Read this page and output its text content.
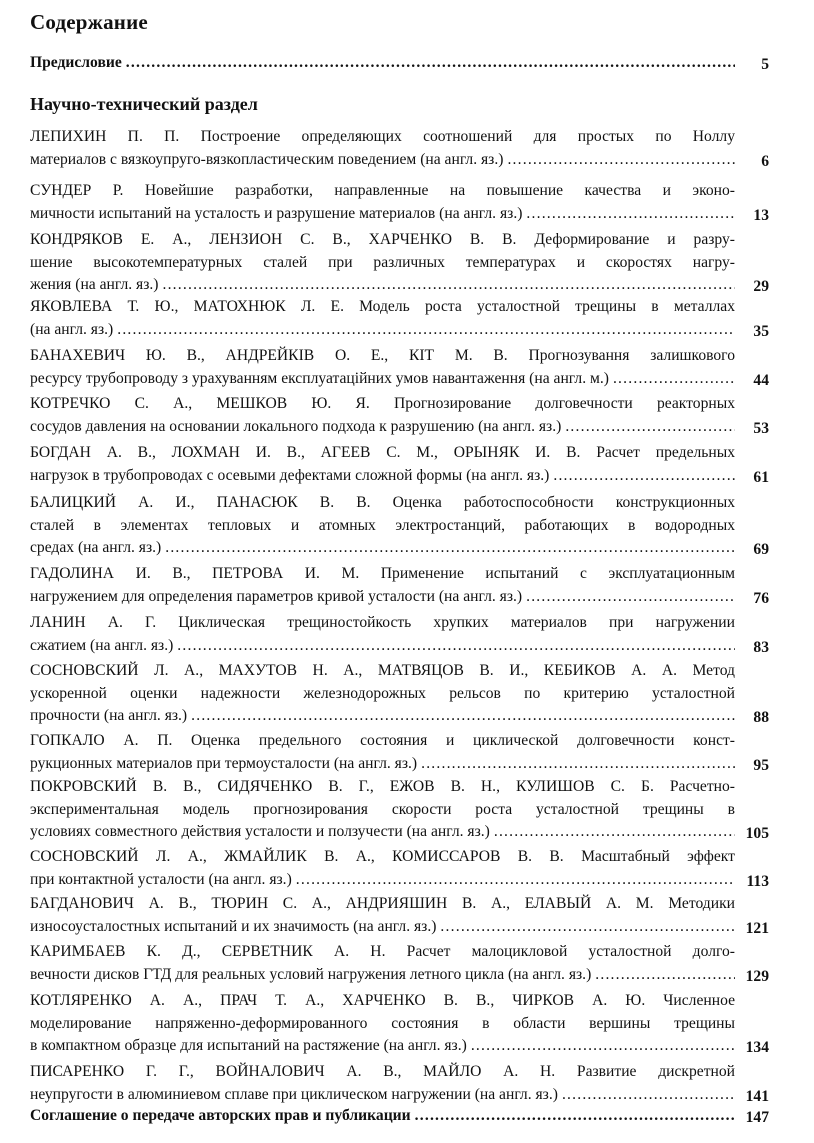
Содержание
Научно-технический раздел
Предисловие .....	5
ЛЕПИХИН П. П. Построение определяющих соотношений для простых по Ноллу
материалов с вязкоупруго-вязкопластическим поведением (на англ. яз.) .....	6
СУНДЕР Р. Новейшие разработки, направленные на повышение качества и эконо-
мичности испытаний на усталость и разрушение материалов (на англ. яз.) .....	13
КОНДРЯКОВ Е. А., ЛЕНЗИОН С. В., ХАРЧЕНКО В. В. Деформирование и разру-
шение высокотемпературных сталей при различных температурах и скоростях нагру-
жения (на англ. яз.) .....	29
ЯКОВЛЕВА Т. Ю., МАТОХНЮК Л. Е. Модель роста усталостной трещины в металлах
(на англ. яз.) .....	35
БАНАХЕВИЧ Ю. В., АНДРЕЙКІВ О. Е., КІТ М. В. Прогнозування залишкового
ресурсу трубопроводу з урахуванням експлуатаційних умов навантаження (на англ. м.) .....	44
КОТРЕЧКО С. А., МЕШКОВ Ю. Я. Прогнозирование долговечности реакторных
сосудов давления на основании локального подхода к разрушению (на англ. яз.) .....	53
БОГДАН А. В., ЛОХМАН И. В., АГЕЕВ С. М., ОРЫНЯК И. В. Расчет предельных
нагрузок в трубопроводах с осевыми дефектами сложной формы (на англ. яз.) .....	61
БАЛИЦКИЙ А. И., ПАНАСЮК В. В. Оценка работоспособности конструкционных
сталей в элементах тепловых и атомных электростанций, работающих в водородных
средах (на англ. яз.) .....	69
ГАДОЛИНА И. В., ПЕТРОВА И. М. Применение испытаний с эксплуатационным
нагружением для определения параметров кривой усталости (на англ. яз.) .....	76
ЛАНИН А. Г. Циклическая трещиностойкость хрупких материалов при нагружении
сжатием (на англ. яз.) .....	83
СОСНОВСКИЙ Л. А., МАХУТОВ Н. А., МАТВЯЦОВ В. И., КЕБИКОВ А. А. Метод
ускоренной оценки надежности железнодорожных рельсов по критерию усталостной
прочности (на англ. яз.) .....	88
ГОПКАЛО А. П. Оценка предельного состояния и циклической долговечности конст-
рукционных материалов при термоусталости (на англ. яз.) .....	95
ПОКРОВСКИЙ В. В., СИДЯЧЕНКО В. Г., ЕЖОВ В. Н., КУЛИШОВ С. Б. Расчетно-
экспериментальная модель прогнозирования скорости роста усталостной трещины в
условиях совместного действия усталости и ползучести (на англ. яз.) .....	105
СОСНОВСКИЙ Л. А., ЖМАЙЛИК В. А., КОМИССАРОВ В. В. Масштабный эффект
при контактной усталости (на англ. яз.) .....	113
БАГДАНОВИЧ А. В., ТЮРИН С. А., АНДРИЯШИН В. А., ЕЛАВЫЙ А. М. Методики
износоусталостных испытаний и их значимость (на англ. яз.) .....	121
КАРИМБАЕВ К. Д., СЕРВЕТНИК А. Н. Расчет малоцикловой усталостной долго-
вечности дисков ГТД для реальных условий нагружения летного цикла (на англ. яз.) .....	129
КОТЛЯРЕНКО А. А., ПРАЧ Т. А., ХАРЧЕНКО В. В., ЧИРКОВ А. Ю. Численное
моделирование напряженно-деформированного состояния в области вершины трещины
в компактном образце для испытаний на растяжение (на англ. яз.) .....	134
ПИСАРЕНКО Г. Г., ВОЙНАЛОВИЧ А. В., МАЙЛО А. Н. Развитие дискретной
неупругости в алюминиевом сплаве при циклическом нагружении (на англ. яз.) .....	141
Соглашение о передаче авторских прав и публикации .....	147
